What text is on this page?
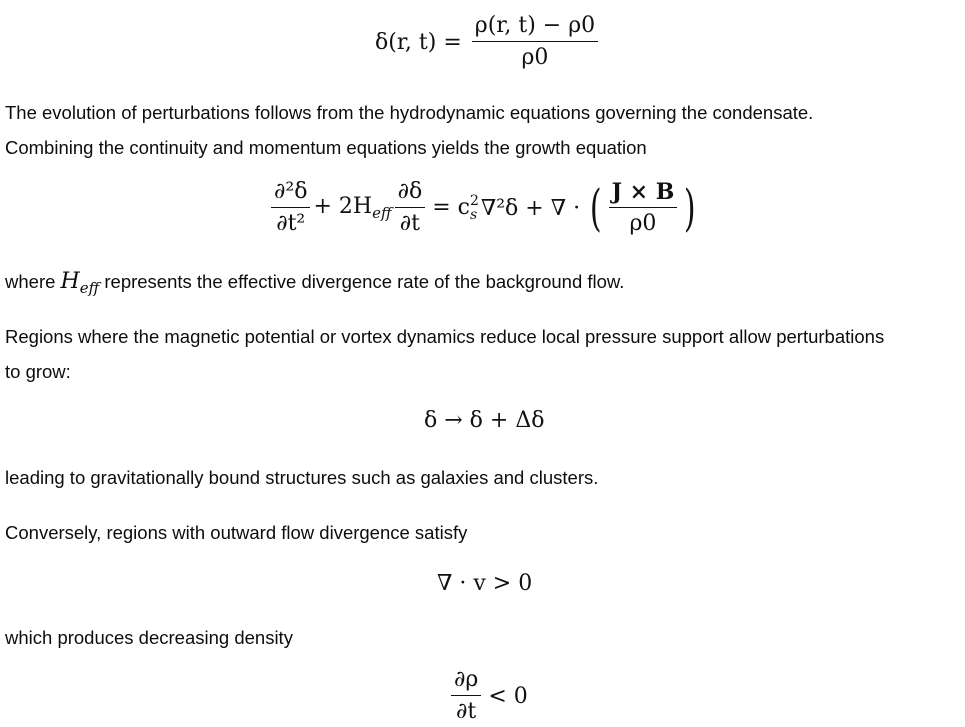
δ(r, $t) = \frac{\rho(r, t) - \rho 0}{\rho 0}$
The evolution of perturbations follows from the hydrodynamic equations governing the condensate.
Combining the continuity and momentum equations yields the growth equation
$\frac{\text{∂²δ}}{\text{∂t²}} + 2H_{eff} \frac{\partial\delta}{\partial t} = c$ 2
s ∇²δ + ∇ · ( $\frac{J \times B}{\rho 0}$ )
where $H_{eff}$ represents the effective divergence rate of the background flow.
Regions where the magnetic potential or vortex dynamics reduce local pressure support allow perturbations
to grow:
δ → δ + Δδ
leading to gravitationally bound structures such as galaxies and clusters.
Conversely, regions with outward flow divergence satisfy
∇ · v > 0
which produces decreasing density
$\frac{\partial\rho}{\partial t} < 0$
